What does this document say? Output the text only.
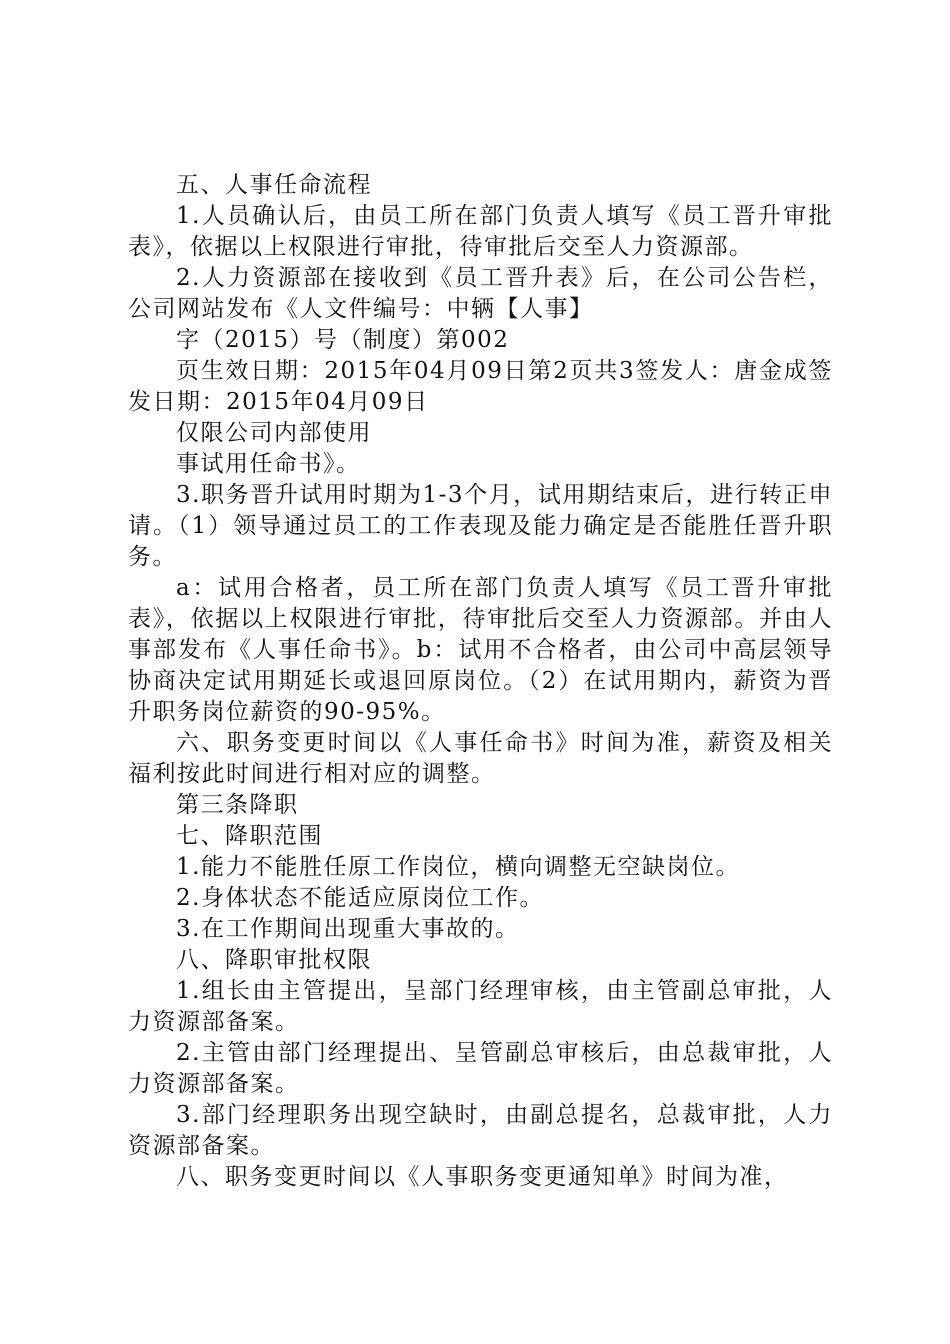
五、人事任命流程

1.人员确认后，由员工所在部门负责人填写《员工晋升审批表》，依据以上权限进行审批，待审批后交至人力资源部。

2.人力资源部在接收到《员工晋升表》后，在公司公告栏，公司网站发布《人文件编号：中辆【人事】

字（2015）号（制度）第002

页生效日期：2015年04月09日第2页共3签发人：唐金成签发日期：2015年04月09日

仅限公司内部使用

事试用任命书》。

3.职务晋升试用时期为1-3个月，试用期结束后，进行转正申请。（1）领导通过员工的工作表现及能力确定是否能胜任晋升职务。

a：试用合格者，员工所在部门负责人填写《员工晋升审批表》，依据以上权限进行审批，待审批后交至人力资源部。并由人事部发布《人事任命书》。b：试用不合格者，由公司中高层领导协商决定试用期延长或退回原岗位。（2）在试用期内，薪资为晋升职务岗位薪资的90-95%。

六、职务变更时间以《人事任命书》时间为准，薪资及相关福利按此时间进行相对应的调整。

第三条降职

七、降职范围

1.能力不能胜任原工作岗位，横向调整无空缺岗位。

2.身体状态不能适应原岗位工作。

3.在工作期间出现重大事故的。

八、降职审批权限

1.组长由主管提出，呈部门经理审核，由主管副总审批，人力资源部备案。

2.主管由部门经理提出、呈管副总审核后，由总裁审批，人力资源部备案。

3.部门经理职务出现空缺时，由副总提名，总裁审批，人力资源部备案。

八、职务变更时间以《人事职务变更通知单》时间为准，
